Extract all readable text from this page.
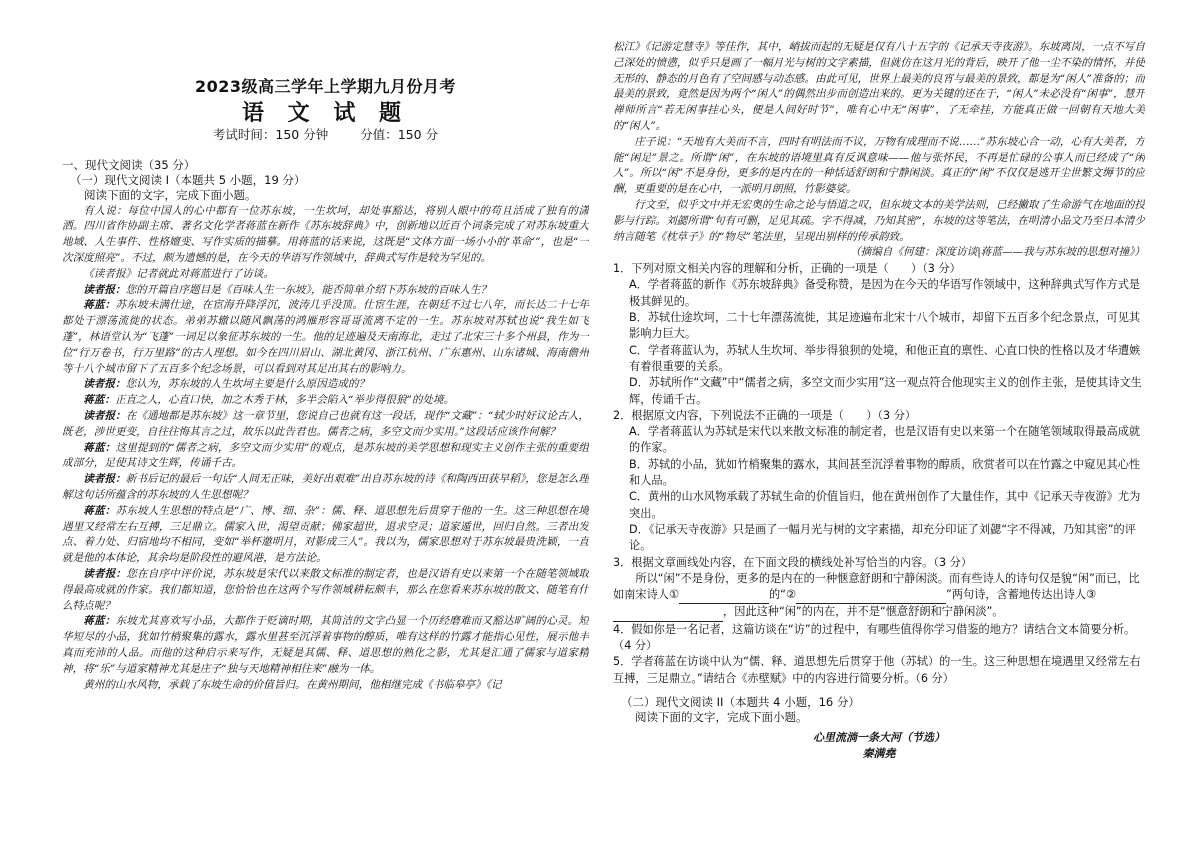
2023级高三学年上学期九月份月考
语 文 试 题
考试时间：150 分钟	分值：150 分
一、现代文阅读（35 分）
（一）现代文阅读 I（本题共 5 小题，19 分）
阅读下面的文字，完成下面小题。

有人说：每位中国人的心中都有一位苏东坡，一生坎坷，却处事豁达，将别人眼中的苟且活成了独有的潇洒。四川省作协副主席、著名文化学者蒋蓝在新作《苏东坡辞典》中，创新地以近百个词条完成了对苏东坡重大地域、人生事件、性格嬗变、写作实质的描摹。用蒋蓝的话来说，这既是“文体方面一场小小的‘革命’”，也是“一次深度照亮”。不过，颇为遗憾的是，在今天的华语写作领域中，辞典式写作是较为罕见的。

《读者报》记者就此对蒋蓝进行了访谈。

读者报：您的开篇自序题目是《百味人生一东坡》，能否简单介绍下苏东坡的百味人生？

蒋蓝：苏东坡未满仕途，在宦海升降浮沉，波涛几乎没顶。仕宦生涯，在朝廷不过七八年，而长达二十七年都处于漂荡流徙的状态。弟弟苏辙以随风飘荡的鸿雁形容哥哥流离不定的一生。苏东坡对苏轼也说“我生如飞蓬”，林语堂认为“飞蓬”一词足以象征苏东坡的一生。他的足迹遍及天南海北，走过了北宋三十多个州县，作为一位“行万卷书，行万里路”的古人理想。如今在四川眉山、湖北黄冈、浙江杭州、广东惠州、山东诸城、海南儋州等十八个城市留下了五百多个纪念场景，可以看到对其足出其右的影响力。

读者报：您认为，苏东坡的人生坎坷主要是什么原因造成的？

蒋蓝：正直之人，心直口快，加之木秀于林，多半会陷入“举步得很狼”的处境。

读者报：在《通地都是苏东坡》这一章节里，您说自己也就有这一段话，现作“文藏”：“轼少时好议论古人，既老，涉世更变，自往往悔其言之过，故乐以此告君也。儒者之病，多空文而少实用。”这段话应该作何解？

蒋蓝：这里提到的“儒者之病，多空文而少实用”的观点，是苏东坡的美学思想和现实主义创作主张的重要组成部分，足使其诗文生辉，传诵千古。

读者报：新书后记的最后一句话“人间无正味，美好出艰难”出自苏东坡的诗《和陶西田获早稻》，您是怎么理解这句话所蕴含的苏东坡的人生思想呢？

蒋蓝：苏东坡人生思想的特点是“广、博、细、杂”：儒、释、道思想先后贯穿于他的一生。这三种思想在境遇里又经常左右互搏，三足鼎立。儒家入世，渴望贡献；佛家超世，退求空灵；道家遁世，回归自然。三者出发点、着力处、归宿地均不相同，变如“举杯邀明月，对影成三人”。我以为，儒家思想对于苏东坡最贵洗颖，一直就是他的本体论，其余均是阶段性的避风港，是方法论。

读者报：您在自序中评价说，苏东坡是宋代以来散文标准的制定者，也是汉语有史以来第一个在随笔领域取得最高成就的作家。我们都知道，您恰恰也在这两个写作领域耕耘颇丰，那么在您看来苏东坡的散文、随笔有什么特点呢？

蒋蓝：东坡尤其喜欢写小品，大都作于贬谪时期，其简洁的文字凸显一个历经磨难而又豁达旷阔的心灵。短华短尽的小品，犹如竹梢聚集的露水，露水里甚至沉浮着事物的醇质，唯有这样的竹露才能指心见性，展示他丰真而充沛的人品。而他的这种启示来写作，无疑是其儒、释、道思想的熟化之影，尤其是汇通了儒家与道家精神，将“乐”与道家精神尤其是庄子“独与天地精神相往来”融为一体。

黄州的山水风物，承载了东坡生命的价值旨归。在黄州期间，他相继完成《书临皋亭》《记

松江》《记游定慧寺》等佳作，其中，峭拔而起的无疑是仅有八十五字的《记承天寺夜游》。东坡离岗，一点不写自己深处的愤懑，似乎只是画了一幅月光与树的文字素描，但就仿在这月光的背后，映开了他一尘不染的情怀，并使无形的、静态的月色有了空间感与动态感。由此可见，世界上最美的良宵与最美的景致，都是为“闲人”准备的；而最美的景致，竟然是因为两个“闲人”的偶然出步而创造出来的。更为关键的还在于，“闲人”未必没有“闲事”，慧开禅师所言“若无闲事挂心头，便是人间好时节”，唯有心中无“闲事”，了无牵挂，方能真正做一回朝有天地大美的“闲人”。

庄子说：“天地有大美而不言，四时有明法而不议，万物有成理而不说……”苏东坡心合一动，心有大美者，方能“闲足”景之。所谓“闲”，在东坡的语境里真有反讽意味——他与张怀民，不再是忙碌的公事人而已经成了“闲人”。所以“闲”不是身份，更多的是内在的一种恬适舒朗和宁静闲淡。真正的“闲”不仅仅是逃开尘世繁文缛节的应酬，更重要的是在心中，一派明月朗照，竹影婆娑。

行文至，似乎文中并无宏奥的生命之论与悟道之叹，但东坡文本的美学法则，已经撇取了生命游气在地面的投影与行踪。刘勰所谓“句有可删，足见其疏。字不得减，乃知其密”，东坡的这等笔法，在明清小品文乃至日本清少纳言随笔《枕草子》的“物尽”笔法里，呈现出别样的传承韵致。

（摘编自《何建：深度访谈|蒋蓝——我与苏东坡的思想对撞》）
1．下列对原文相关内容的理解和分析，正确的一项是（　　）（3 分）
A．学者蒋蓝的新作《苏东坡辞典》备受称赞，是因为在今天的华语写作领域中，这种辞典式写作方式是极其鲜见的。
B．苏轼仕途坎坷，二十七年漂荡流徙，其足迹遍布北宋十八个城市，却留下五百多个纪念景点，可见其影响力巨大。
C．学者蒋蓝认为，苏轼人生坎坷、举步得狼狈的处境，和他正直的禀性、心直口快的性格以及才华遭嫉有着很重要的关系。
D．苏轼所作“文藏”中“儒者之病，多空文而少实用”这一观点符合他现实主义的创作主张，是使其诗文生辉，传诵千古。
2．根据原文内容，下列说法不正确的一项是（　　）（3 分）
A．学者蒋蓝认为苏轼是宋代以来散文标准的制定者，也是汉语有史以来第一个在随笔领域取得最高成就的作家。
B．苏轼的小品，犹如竹梢聚集的露水，其间甚至沉浮着事物的醇质，欣赏者可以在竹露之中窥见其心性和人品。
C．黄州的山水风物承载了苏轼生命的价值旨归，他在黄州创作了大量佳作，其中《记承天寺夜游》尤为突出。
D．《记承天寺夜游》只是画了一幅月光与树的文字素描，却充分印证了刘勰“字不得减，乃知其密”的评论。
3．根据文章画线处内容，在下面文段的横线处补写恰当的内容。（3 分）
所以“闲”不是身份，更多的是内在的一种惬意舒朗和宁静闲淡。而有些诗人的诗句仅是貌“闲”而已，比如南宋诗人①	的“②	”两句诗，含蓄地传达出诗人③ ，因此这种“闲”的内在，并不是“惬意舒朗和宁静闲淡”。
4．假如你是一名记者，这篇访谈在“访”的过程中，有哪些值得你学习借鉴的地方？请结合文本简要分析。（4 分）
5．学者蒋蓝在访谈中认为“儒、释、道思想先后贯穿于他（苏轼）的一生。这三种思想在境遇里又经常左右互搏，三足鼎立。”请结合《赤壁赋》中的内容进行简要分析。（6 分）
（二）现代文阅读 II（本题共 4 小题，16 分）
阅读下面的文字，完成下面小题。
心里流淌一条大河（节选）
秦满堯
